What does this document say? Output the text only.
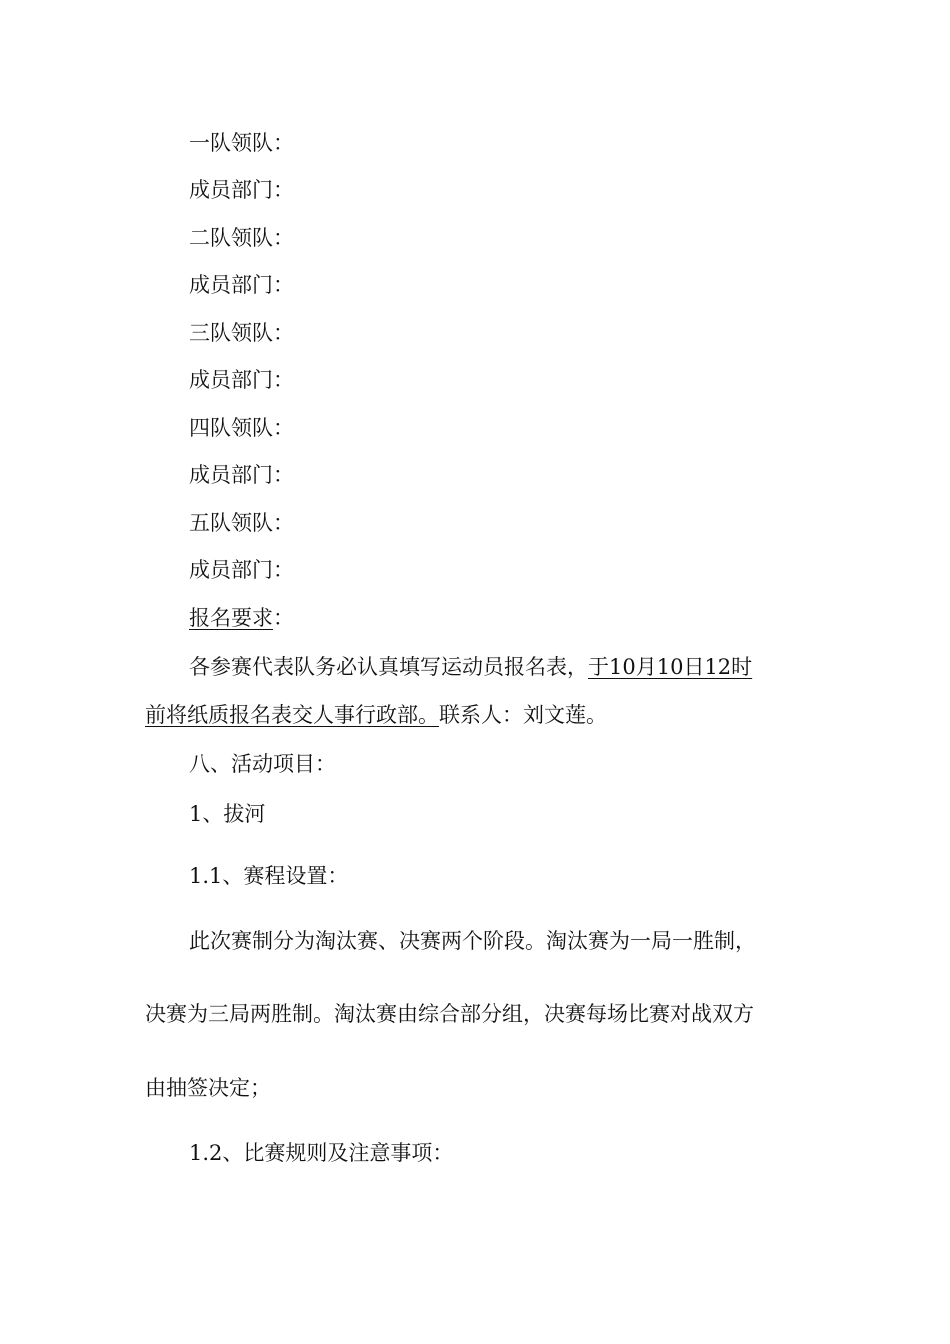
一队领队：
成员部门：
二队领队：
成员部门：
三队领队：
成员部门：
四队领队：
成员部门：
五队领队：
成员部门：
报名要求：
各参赛代表队务必认真填写运动员报名表，于10月10日12时
前将纸质报名表交人事行政部。联系人：刘文莲。
八、活动项目：
1、拔河
1.1、赛程设置：
此次赛制分为淘汰赛、决赛两个阶段。淘汰赛为一局一胜制，
决赛为三局两胜制。淘汰赛由综合部分组，决赛每场比赛对战双方
由抽签决定；
1.2、比赛规则及注意事项：
